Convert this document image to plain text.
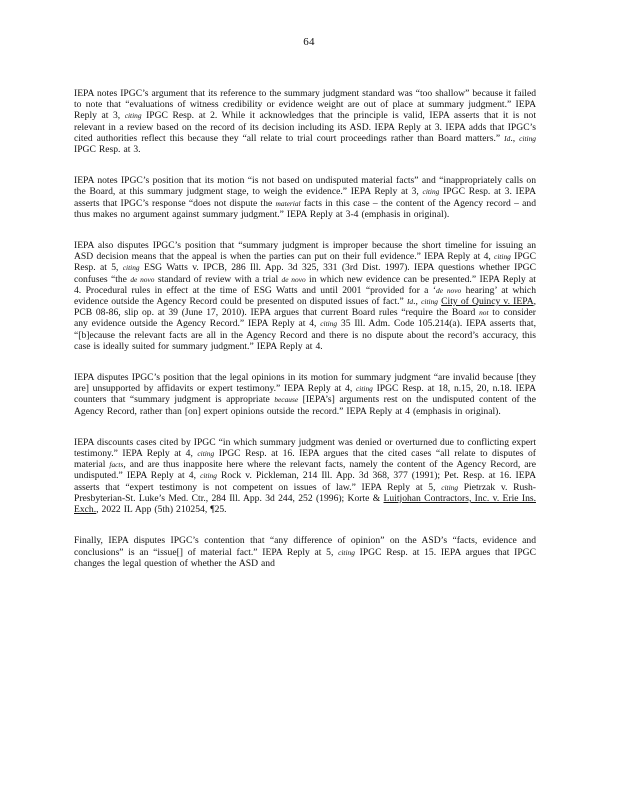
64

IEPA notes IPGC’s argument that its reference to the summary judgment standard was “too shallow” because it failed to note that “evaluations of witness credibility or evidence weight are out of place at summary judgment.” IEPA Reply at 3, citing IPGC Resp. at 2. While it acknowledges that the principle is valid, IEPA asserts that it is not relevant in a review based on the record of its decision including its ASD. IEPA Reply at 3. IEPA adds that IPGC’s cited authorities reflect this because they “all relate to trial court proceedings rather than Board matters.” Id., citing IPGC Resp. at 3.

IEPA notes IPGC’s position that its motion “is not based on undisputed material facts” and “inappropriately calls on the Board, at this summary judgment stage, to weigh the evidence.” IEPA Reply at 3, citing IPGC Resp. at 3. IEPA asserts that IPGC’s response “does not dispute the material facts in this case – the content of the Agency record – and thus makes no argument against summary judgment.” IEPA Reply at 3-4 (emphasis in original).

IEPA also disputes IPGC’s position that “summary judgment is improper because the short timeline for issuing an ASD decision means that the appeal is when the parties can put on their full evidence.” IEPA Reply at 4, citing IPGC Resp. at 5, citing ESG Watts v. IPCB, 286 Ill. App. 3d 325, 331 (3rd Dist. 1997). IEPA questions whether IPGC confuses “the de novo standard of review with a trial de novo in which new evidence can be presented.” IEPA Reply at 4. Procedural rules in effect at the time of ESG Watts and until 2001 “provided for a ‘de novo hearing’ at which evidence outside the Agency Record could be presented on disputed issues of fact.” Id., citing City of Quincy v. IEPA, PCB 08-86, slip op. at 39 (June 17, 2010). IEPA argues that current Board rules “require the Board not to consider any evidence outside the Agency Record.” IEPA Reply at 4, citing 35 Ill. Adm. Code 105.214(a). IEPA asserts that, “[b]ecause the relevant facts are all in the Agency Record and there is no dispute about the record’s accuracy, this case is ideally suited for summary judgment.” IEPA Reply at 4.

IEPA disputes IPGC’s position that the legal opinions in its motion for summary judgment “are invalid because [they are] unsupported by affidavits or expert testimony.” IEPA Reply at 4, citing IPGC Resp. at 18, n.15, 20, n.18. IEPA counters that “summary judgment is appropriate because [IEPA’s] arguments rest on the undisputed content of the Agency Record, rather than [on] expert opinions outside the record.” IEPA Reply at 4 (emphasis in original).

IEPA discounts cases cited by IPGC “in which summary judgment was denied or overturned due to conflicting expert testimony.” IEPA Reply at 4, citing IPGC Resp. at 16. IEPA argues that the cited cases “all relate to disputes of material facts, and are thus inapposite here where the relevant facts, namely the content of the Agency Record, are undisputed.” IEPA Reply at 4, citing Rock v. Pickleman, 214 Ill. App. 3d 368, 377 (1991); Pet. Resp. at 16. IEPA asserts that “expert testimony is not competent on issues of law.” IEPA Reply at 5, citing Pietrzak v. Rush-Presbyterian-St. Luke’s Med. Ctr., 284 Ill. App. 3d 244, 252 (1996); Korte & Luitjohan Contractors, Inc. v. Erie Ins. Exch., 2022 IL App (5th) 210254, ¶25.

Finally, IEPA disputes IPGC’s contention that “any difference of opinion” on the ASD’s “facts, evidence and conclusions” is an “issue[] of material fact.” IEPA Reply at 5, citing IPGC Resp. at 15. IEPA argues that IPGC changes the legal question of whether the ASD and
